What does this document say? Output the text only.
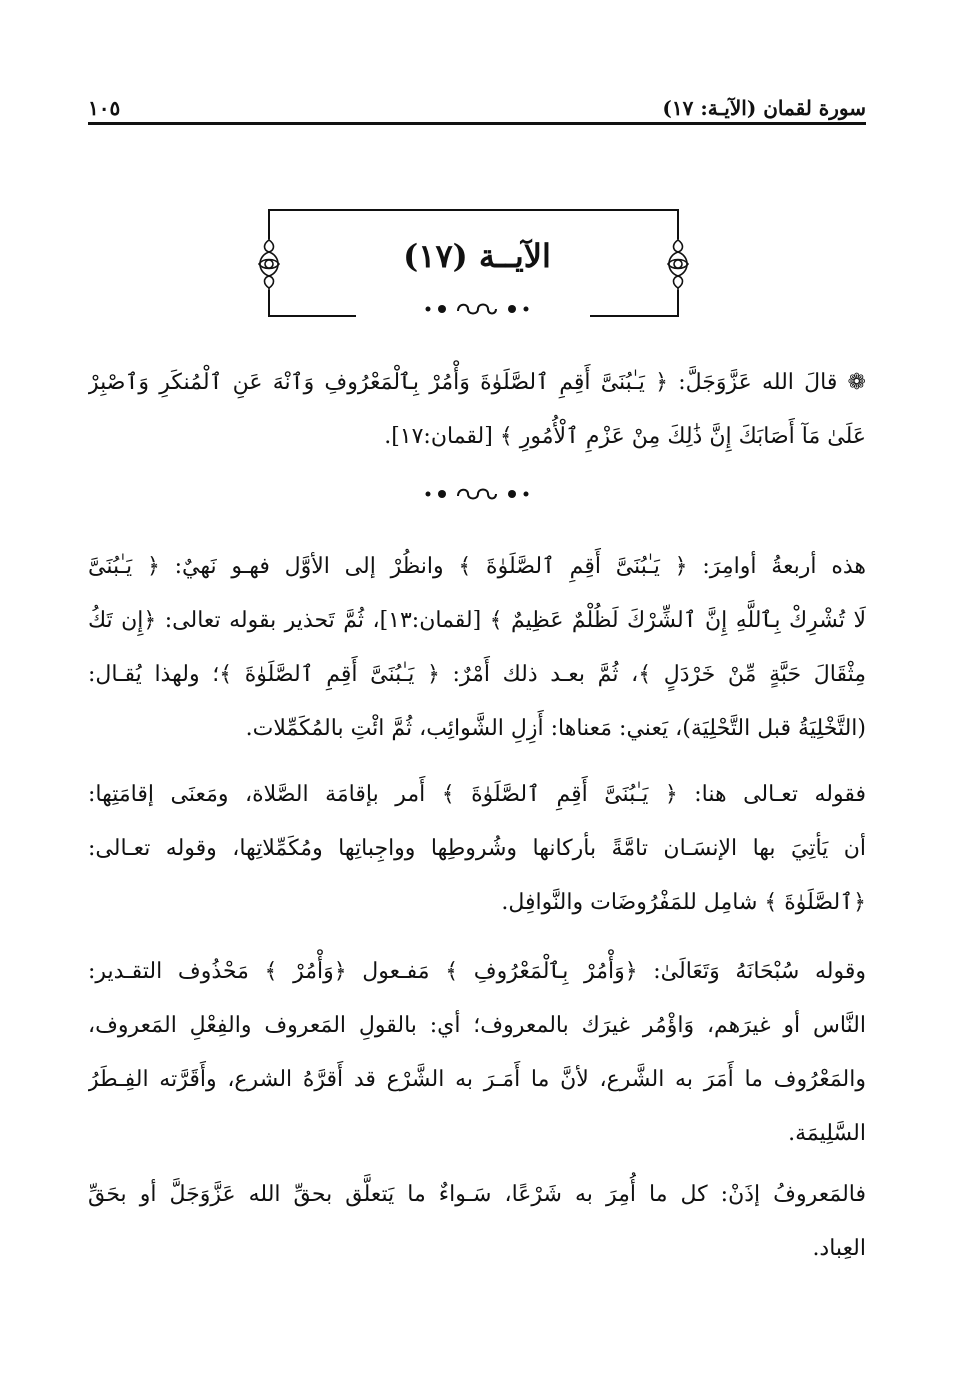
سورة لقمان (الآيـة: ١٧)
١٠٥
الآيــة (١٧)
❁ قالَ الله عَزَّوَجَلَّ: ﴿ يَـٰبُنَىَّ أَقِمِ ٱلصَّلَوٰةَ وَأْمُرْ بِٱلْمَعْرُوفِ وَٱنْهَ عَنِ ٱلْمُنكَرِ وَٱصْبِرْ
عَلَىٰ مَآ أَصَابَكَ إِنَّ ذَٰلِكَ مِنْ عَزْمِ ٱلْأُمُورِ ﴾ [لقمان:١٧].
هذه أربعةُ أوامِرَ: ﴿ يَـٰبُنَىَّ أَقِمِ ٱلصَّلَوٰةَ ﴾ وانظُرْ إلى الأوَّل فهـو نَهيٌ: ﴿ يَـٰبُنَىَّ
لَا تُشْرِكْ بِٱللَّهِ إِنَّ ٱلشِّرْكَ لَظُلْمٌ عَظِيمٌ ﴾ [لقمان:١٣]، ثُمَّ تَحذير بقوله تعالى: ﴿إِن تَكُ
مِثْقَالَ حَبَّةٍ مِّنْ خَرْدَلٍ ﴾، ثُمَّ بعـد ذلك أَمْرٌ: ﴿ يَـٰبُنَىَّ أَقِمِ ٱلصَّلَوٰةَ ﴾؛ ولهذا يُقـال:
(التَّخْلِيَةُ قبل التَّحْلِيَة)، يَعني: مَعناها: أَزِلِ الشَّوائِب، ثُمَّ ائْتِ بالمُكَمِّلات.
فقوله تعـالى هنا: ﴿ يَـٰبُنَىَّ أَقِمِ ٱلصَّلَوٰةَ ﴾ أَمر بإقامَة الصَّلاة، ومَعنَى إقامَتِها:
أن يَأتِيَ بها الإنسَـان تامَّةً بأركانها وشُروطِها وواجِباتِها ومُكَمِّلاتِها، وقوله تعـالى:
﴿ٱلصَّلَوٰةَ ﴾ شامِل للمَفْرُوضَات والنَّوافِل.
وقوله سُبْحَانَهُ وَتَعَالَىٰ: ﴿وَأْمُرْ بِٱلْمَعْرُوفِ ﴾ مَفـعول ﴿وَأْمُرْ ﴾ مَحْذُوف التقـدير:
النَّاس أو غيرَهم، وَاؤْمُر غيرَك بالمعروف؛ أي: بالقولِ المَعروف والفِعْلِ المَعروف،
والمَعْرُوف ما أَمَرَ به الشَّرع، لأنَّ ما أَمَـرَ به الشَّرْع قد أَقرَّهُ الشرع، وأَقَرَّته الفِـطَرُ
السَّلِيمَة.
فالمَعروفُ إذَنْ: كل ما أُمِرَ به شَرْعًا، سَـواءٌ ما يَتعلَّق بحقِّ الله عَزَّوَجَلَّ أو بحَقِّ
العِباد.
